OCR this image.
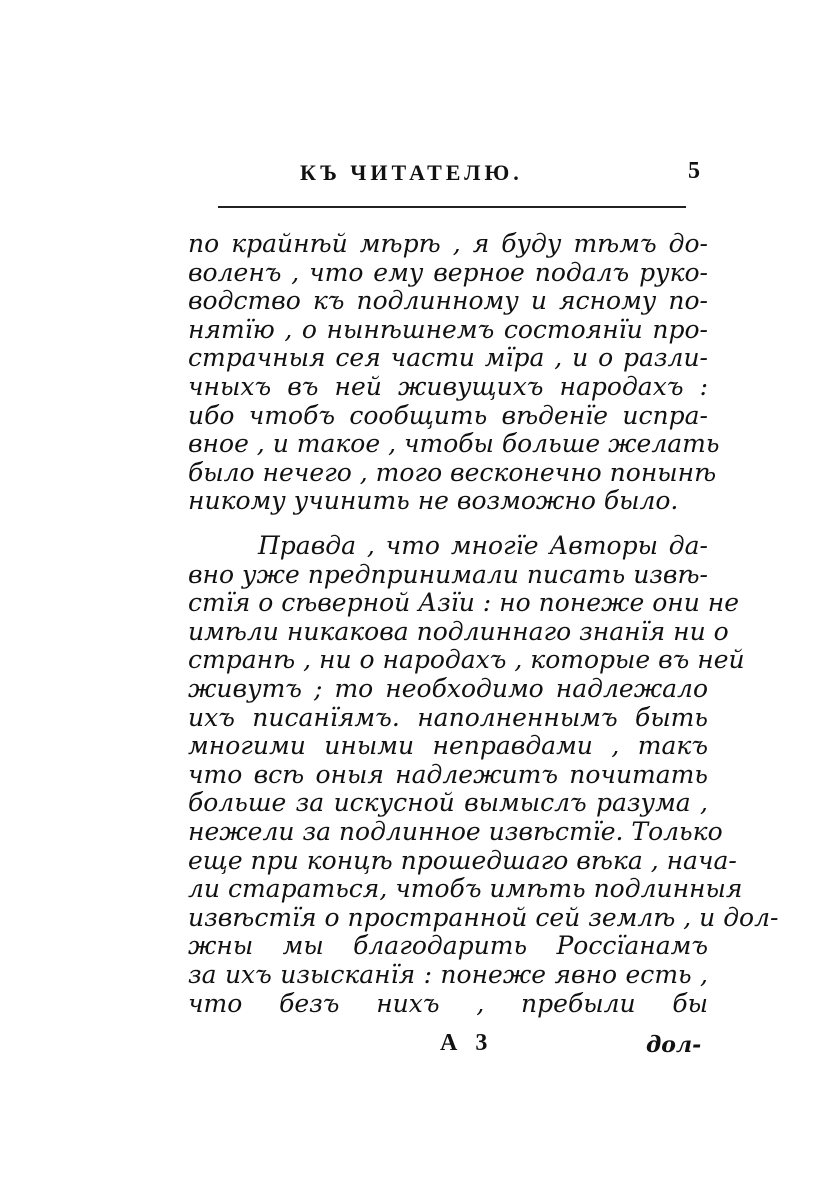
КЪ ЧИТАТЕЛЮ.	5
по крайнѣй мѣрѣ , я буду тѣмъ до-
воленъ , что ему верное подалъ руко-
водство къ подлинному и ясному по-
нятїю , о нынѣшнемъ состоянїи про-
страчныя сея части мїра , и о разли-
чныхъ въ ней живущихъ народахъ :
ибо чтобъ сообщить вѣденїе испра-
вное , и такое , чтобы больше желать
было нечего , того весконечно понынѣ
никому учинить не возможно было.
Правда , что многїе Авторы да-
вно уже предпринимали писать извѣ-
стїя о сѣверной Азїи : но понеже они не
имѣли никакова подлиннаго знанїя ни о
странѣ , ни о народахъ , которые въ ней
живутъ ; то необходимо надлежало
ихъ писанїямъ. наполненнымъ быть
многими иными неправдами , такъ
что всѣ оныя надлежитъ почитать
больше за искусной вымыслъ разума ,
нежели за подлинное извѣстїе. Только
еще при концѣ прошедшаго вѣка , нача-
ли стараться, чтобъ имѣть подлинныя
извѣстїя о пространной сей землѣ , и дол-
жны мы благодарить Россїанамъ
за ихъ изысканїя : понеже явно есть ,
что безъ нихъ , пребыли бы
А 3	дол-
